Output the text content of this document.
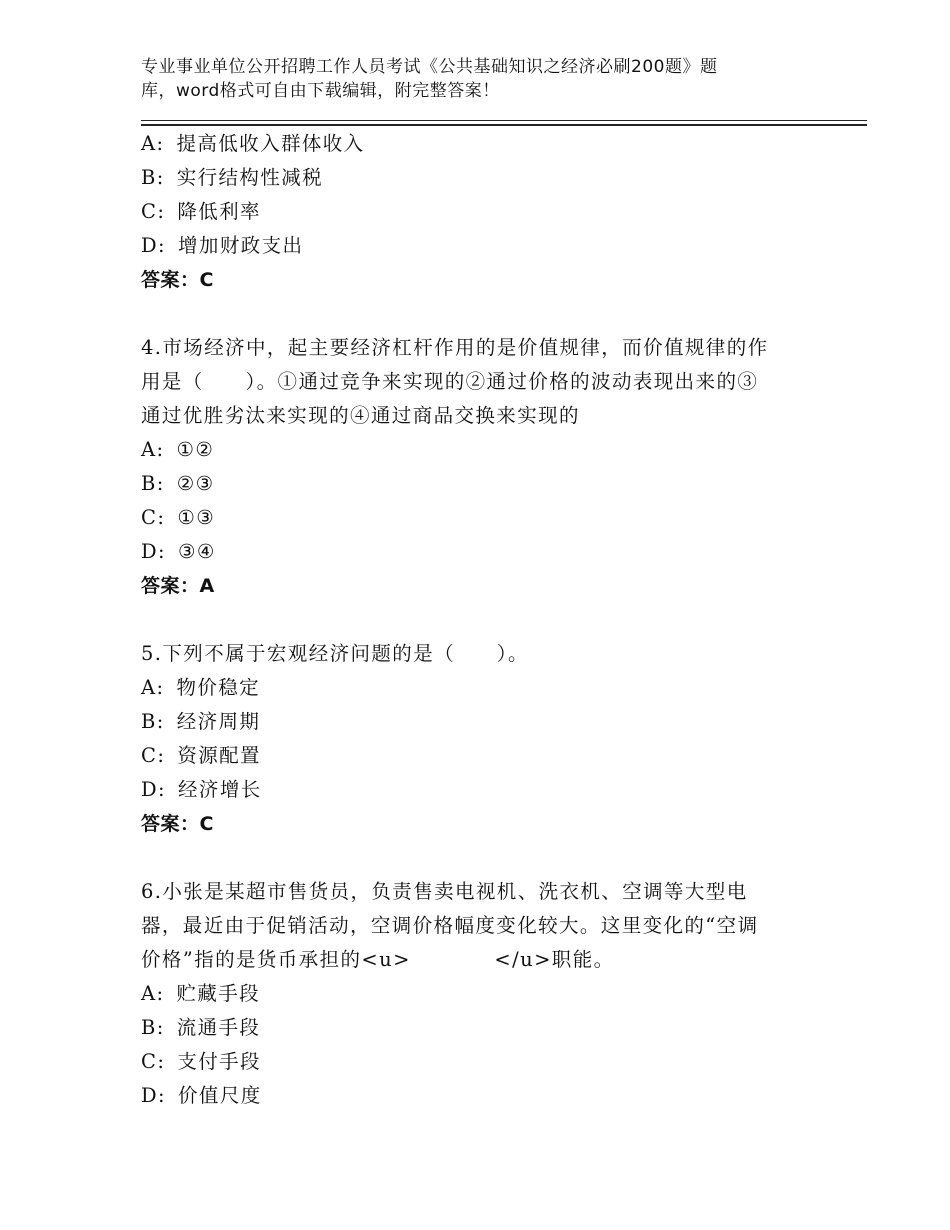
专业事业单位公开招聘工作人员考试《公共基础知识之经济必刷200题》题
库，word格式可自由下载编辑，附完整答案！
A : 提高低收入群体收入
B : 实行结构性减税
C : 降低利率
D : 增加财政支出
答案：C
4.市场经济中，起主要经济杠杆作用的是价值规律，而价值规律的作
用是（　　）。①通过竞争来实现的②通过价格的波动表现出来的③
通过优胜劣汰来实现的④通过商品交换来实现的
A : ①②
B : ②③
C : ①③
D : ③④
答案：A
5.下列不属于宏观经济问题的是（　　）。
A : 物价稳定
B : 经济周期
C : 资源配置
D : 经济增长
答案：C
6.小张是某超市售货员，负责售卖电视机、洗衣机、空调等大型电
器，最近由于促销活动，空调价格幅度变化较大。这里变化的“空调
价格”指的是货币承担的<u>　　　　</u>职能。
A : 贮藏手段
B : 流通手段
C : 支付手段
D : 价值尺度
